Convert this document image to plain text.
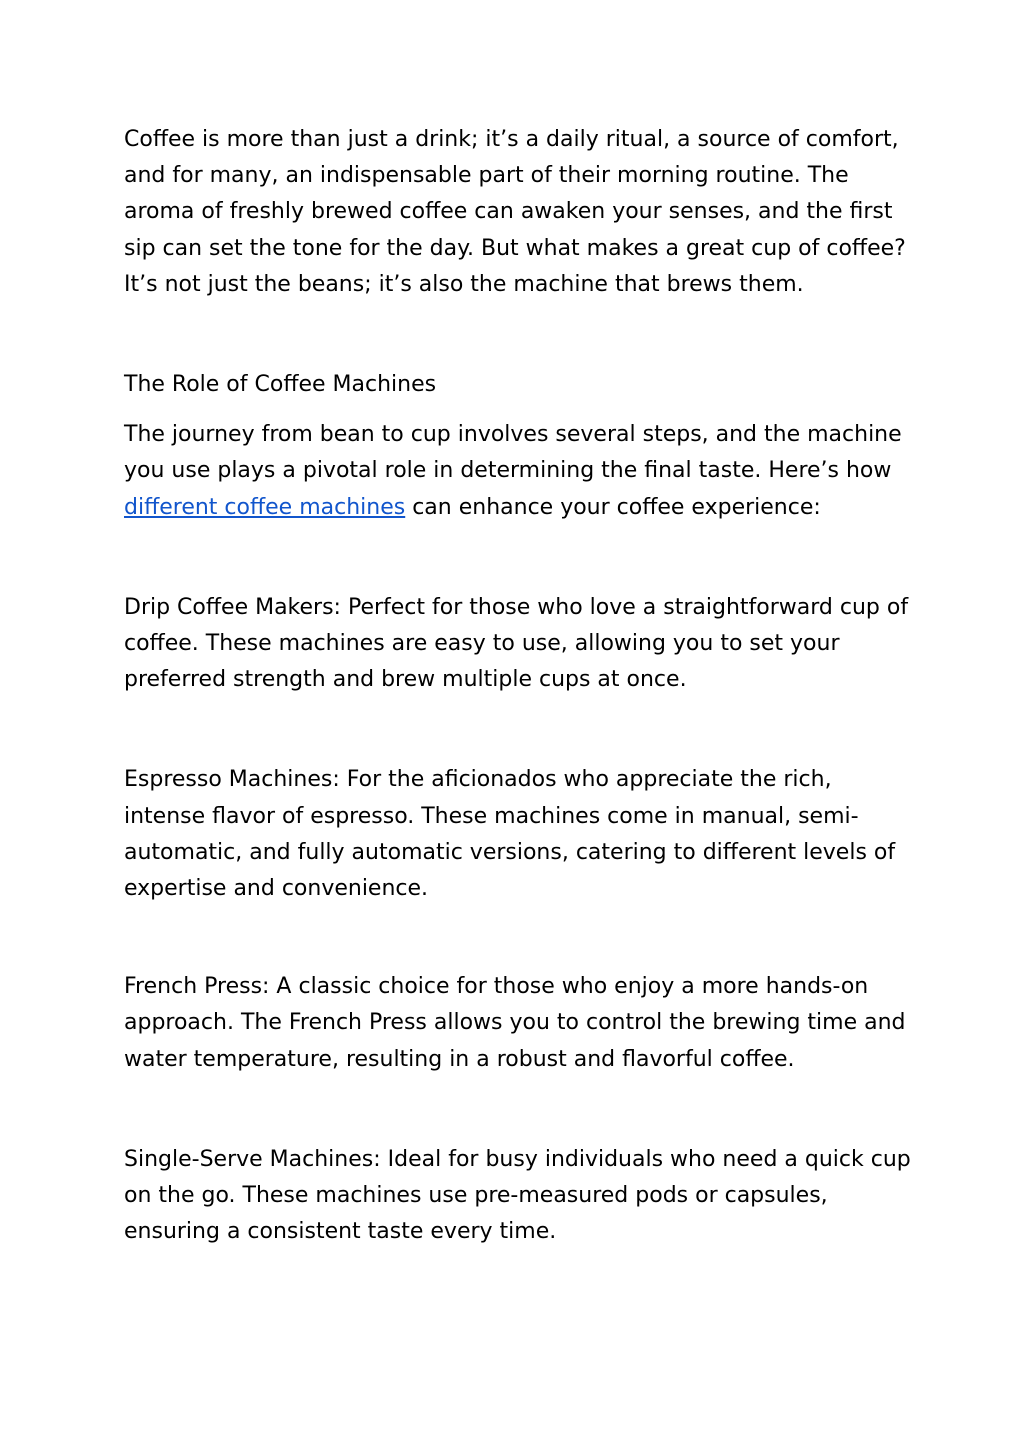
Coffee is more than just a drink; it’s a daily ritual, a source of comfort, and for many, an indispensable part of their morning routine. The aroma of freshly brewed coffee can awaken your senses, and the first sip can set the tone for the day. But what makes a great cup of coffee? It’s not just the beans; it’s also the machine that brews them.

The Role of Coffee Machines

The journey from bean to cup involves several steps, and the machine you use plays a pivotal role in determining the final taste. Here’s how different coffee machines can enhance your coffee experience:

Drip Coffee Makers: Perfect for those who love a straightforward cup of coffee. These machines are easy to use, allowing you to set your preferred strength and brew multiple cups at once.

Espresso Machines: For the aficionados who appreciate the rich, intense flavor of espresso. These machines come in manual, semi-automatic, and fully automatic versions, catering to different levels of expertise and convenience.

French Press: A classic choice for those who enjoy a more hands-on approach. The French Press allows you to control the brewing time and water temperature, resulting in a robust and flavorful coffee.

Single-Serve Machines: Ideal for busy individuals who need a quick cup on the go. These machines use pre-measured pods or capsules, ensuring a consistent taste every time.
